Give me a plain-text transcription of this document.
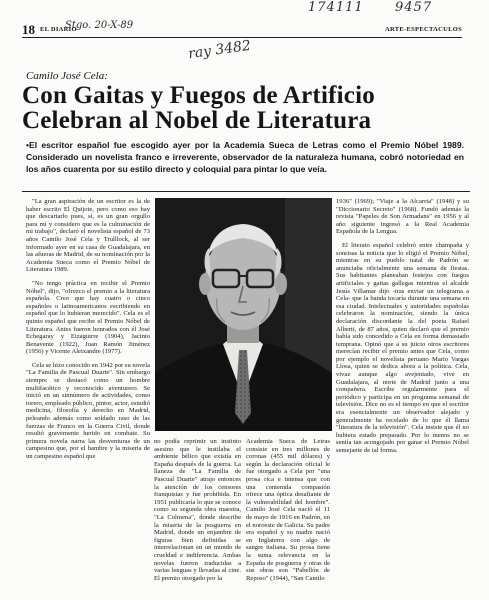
18 EL DIARIO	ARTE-ESPECTACULOS
Stgo. 20-X-89
174111 9457
ray 3482
Camilo José Cela:
Con Gaitas y Fuegos de Artificio
Celebran al Nobel de Literatura
•El escritor español fue escogido ayer por la Academia Sueca de Letras como el Premio Nóbel 1989. Considerado un novelista franco e irreverente, observador de la naturaleza humana, cobró notoriedad en los años cuarenta por su estilo directo y coloquial para pintar lo que veía.

"La gran aspiración de un escritor es la de haber escrito El Quijote, pero como eso hay que descartarlo pues, sí, es un gran orgullo para mí y considero que es la culminación de mi trabajo", declaró el novelista español de 73 años Camilo José Cela y Trulllock, al ser informado ayer en su casa de Guadalajara, en las afueras de Madrid, de su nominación por la Academia Sueca como el Premio Nóbel de Literatura 1989.

"No tengo práctica en recibir el Premio Nóbel", dijo, "ofrezco el premio a la literatura española. Creo que hay cuatro o cinco españoles o latinoamericanos escribiendo en español que lo hubieran merecido". Cela es el quinto español que recibe el Premio Nóbel de Literatura. Antes fueron honrados con él José Echegaray y Eizaguirre (1904), Jacinto Benavente (1922), Juan Ramón Jiménez (1956) y Vicente Aleixandre (1977).

Cela se hizo conocido en 1942 por su novela "La Familia de Pascual Duarte". Sin embargo siempre se destacó como un hombre multifacético y reconocido aventurero. Se inició en un sinnúmero de actividades, como torero, empleado público, pintor, actor, estudió medicina, filosofía y derecho en Madrid, peleando además como soldado raso de las fuerzas de Franco en la Guerra Civil, donde resultó gravemente herido en combate. Su primera novela narra las desventuras de un campesino que, por el hambre y la miseria de un campesino español que

no podía reprimir un instinto asesino que le instilaba el ambiente bélico que existía en España después de la guerra. La llaneza de "La Familia de Pascual Duarte" atrajo entonces la atención de los censores franquistas y fue prohibida. En 1951 publicaría lo que se conoce como su segunda obra maestra, "La Colmena", donde describe la miseria de la posguerra en Madrid, donde un enjambre de figuras bien definidas se interrelacionan en un mundo de crueldad e indiferencia. Ambas novelas fueron traducidas a varias lenguas y llevadas al cine. El premio otorgado por la

Academia Sueca de Letras consiste en tres millones de coronas (455 mil dólares) y según la declaración oficial le fue otorgado a Cela por "una prosa rica e intensa que con una contenida compasión ofrece una óptica desafiante de la vulnerabilidad del hombre". Camilo José Cela nació el 11 de mayo de 1916 en Padrón, en el noroeste de Galicia. Su padre era español y su madre nació en Inglaterra con algo de sangre italiana. Su prosa tiene la suma relevancia en la España de posguerra y otras de sus obras son "Pabellón de Reposo" (1944), "San Camilo

1936" (1969); "Viaje a la Alcarria" (1948) y su "Diccionario Secreto" (1968). Fundó además la revista "Papeles de Son Armadans" en 1956 y al año siguiente ingresó a la Real Academia Española de la Lengua.

El literato español celebró entre champaña y sonrisas la noticia que lo eligió el Premio Nóbel, mientras en su pueblo natal de Padrón se anunciaba oficialmente una semana de fiestas. Sus habitantes planeaban festejos con fuegos artificiales y gaitas gallegas mientras el alcalde Jesús Villamar dijo -tras enviar un telegrama a Cela- que la banda tocaría durante una semana en esa ciudad. Intelectuales y autoridades españolas celebraron la nominación, siendo la única declaración discordante la del poeta Rafael Alberti, de 87 años, quien declaró que el premio había sido concedido a Cela en forma demasiado temprana. Opinó que a su juicio otros escritores merecían recibir el premio antes que Cela, como por ejemplo el novelista peruano Mario Vargas Llosa, quien se dedica ahora a la política. Cela, vivaz aunque algo avejentado, vive en Guadalajara, al norte de Madrid junto a una compañera. Escribe regularmente para el periódico y participa en un programa semanal de televisión. Dice no es el tiempo en que el escritor era esencialmente un observador alejado y generalmente ha recelado de lo que él llama "literatura de la televisión". Cela insiste que él no hubiera estado preparado. Por lo menos no se sentía tan acongojado por ganar el Premio Nóbel semejante de tal forma.
